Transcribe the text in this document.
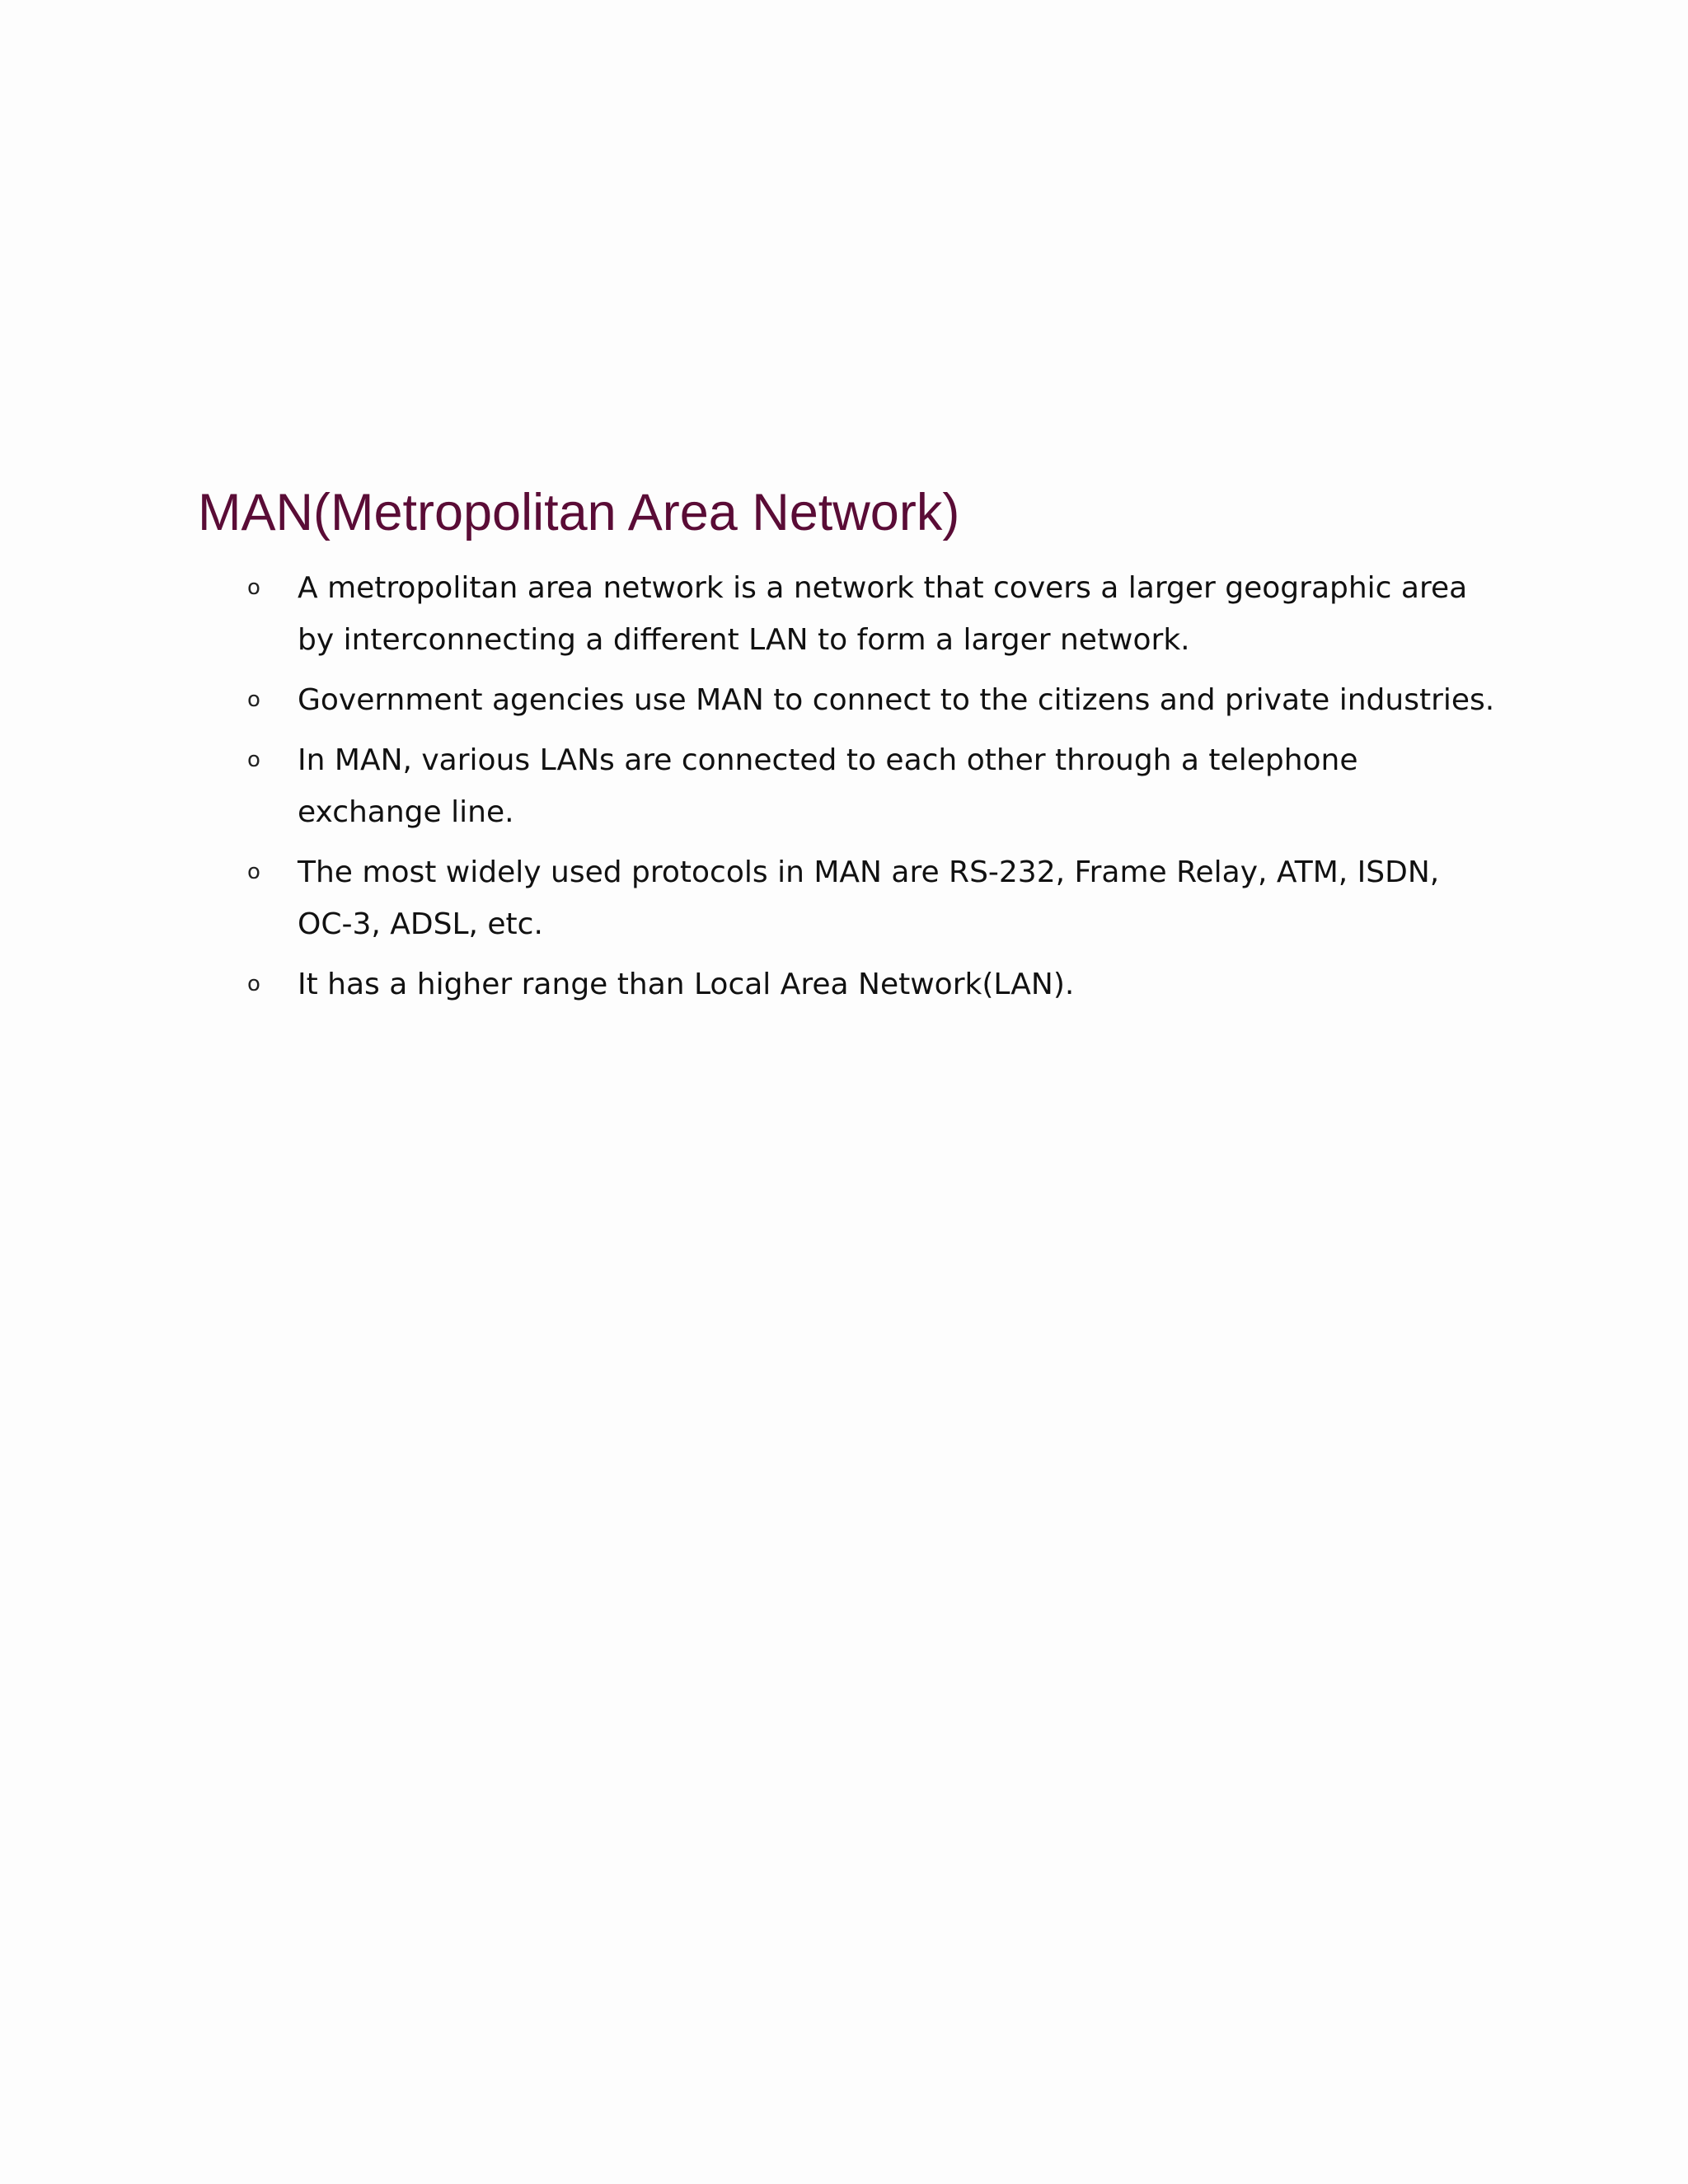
MAN(Metropolitan Area Network)
o A metropolitan area network is a network that covers a larger geographic area by interconnecting a different LAN to form a larger network.
o Government agencies use MAN to connect to the citizens and private industries.
o In MAN, various LANs are connected to each other through a telephone exchange line.
o The most widely used protocols in MAN are RS-232, Frame Relay, ATM, ISDN, OC-3, ADSL, etc.
o It has a higher range than Local Area Network(LAN).
